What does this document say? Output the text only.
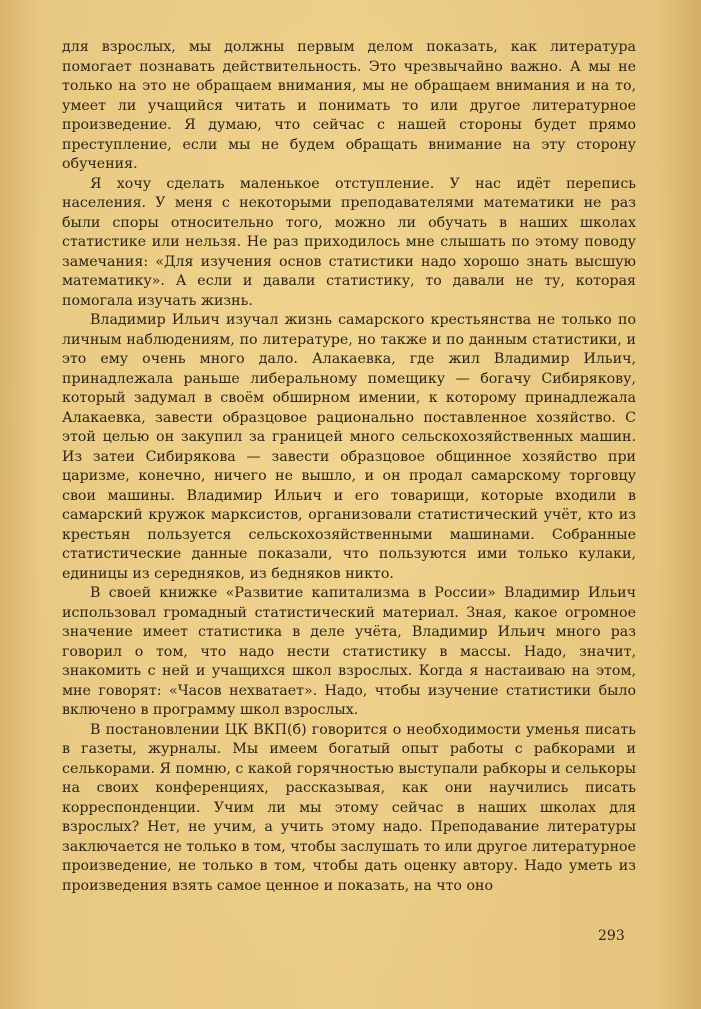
для взрослых, мы должны первым делом показать, как литература помогает познавать действительность. Это чрезвычайно важно. А мы не только на это не обращаем внимания, мы не обращаем внимания и на то, умеет ли учащийся читать и понимать то или другое литературное произведение. Я думаю, что сейчас с нашей стороны будет прямо преступление, если мы не будем обращать внимание на эту сторону обучения.

Я хочу сделать маленькое отступление. У нас идёт перепись населения. У меня с некоторыми преподавателями математики не раз были споры относительно того, можно ли обучать в наших школах статистике или нельзя. Не раз приходилось мне слышать по этому поводу замечания: «Для изучения основ статистики надо хорошо знать высшую математику». А если и давали статистику, то давали не ту, которая помогала изучать жизнь.

Владимир Ильич изучал жизнь самарского крестьянства не только по личным наблюдениям, по литературе, но также и по данным статистики, и это ему очень много дало. Алакаевка, где жил Владимир Ильич, принадлежала раньше либеральному помещику — богачу Сибирякову, который задумал в своём обширном имении, к которому принадлежала Алакаевка, завести образцовое рационально поставленное хозяйство. С этой целью он закупил за границей много сельскохозяйственных машин. Из затеи Сибирякова — завести образцовое общинное хозяйство при царизме, конечно, ничего не вышло, и он продал самарскому торговцу свои машины. Владимир Ильич и его товарищи, которые входили в самарский кружок марксистов, организовали статистический учёт, кто из крестьян пользуется сельскохозяйственными машинами. Собранные статистические данные показали, что пользуются ими только кулаки, единицы из середняков, из бедняков никто.

В своей книжке «Развитие капитализма в России» Владимир Ильич использовал громадный статистический материал. Зная, какое огромное значение имеет статистика в деле учёта, Владимир Ильич много раз говорил о том, что надо нести статистику в массы. Надо, значит, знакомить с ней и учащихся школ взрослых. Когда я настаиваю на этом, мне говорят: «Часов нехватает». Надо, чтобы изучение статистики было включено в программу школ взрослых.

В постановлении ЦК ВКП(б) говорится о необходимости уменья писать в газеты, журналы. Мы имеем богатый опыт работы с рабкорами и селькорами. Я помню, с какой горячностью выступали рабкоры и селькоры на своих конференциях, рассказывая, как они научились писать корреспонденции. Учим ли мы этому сейчас в наших школах для взрослых? Нет, не учим, а учить этому надо. Преподавание литературы заключается не только в том, чтобы заслушать то или другое литературное произведение, не только в том, чтобы дать оценку автору. Надо уметь из произведения взять самое ценное и показать, на что оно

293
